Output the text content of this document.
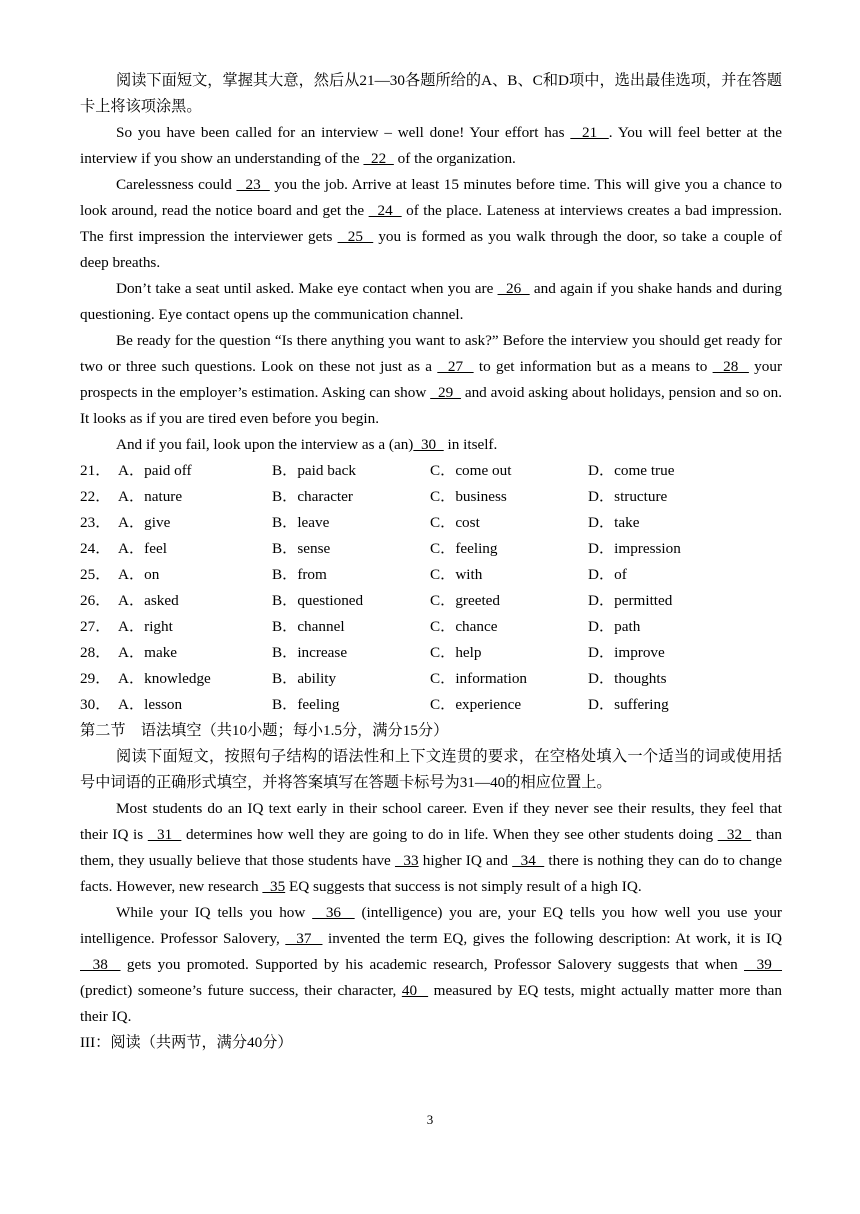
阅读下面短文，掌握其大意，然后从21—30各题所给的A、B、C和D项中，选出最佳选项，并在答题卡上将该项涂黑。

So you have been called for an interview – well done! Your effort has   21  . You will feel better at the interview if you show an understanding of the   22   of the organization.

Carelessness could   23   you the job. Arrive at least 15 minutes before time. This will give you a chance to look around, read the notice board and get the   24   of the place. Lateness at interviews creates a bad impression. The first impression the interviewer gets   25   you is formed as you walk through the door, so take a couple of deep breaths.

Don’t take a seat until asked. Make eye contact when you are   26   and again if you shake hands and during questioning. Eye contact opens up the communication channel.

Be ready for the question “Is there anything you want to ask?” Before the interview you should get ready for two or three such questions. Look on these not just as a   27   to get information but as a means to   28   your prospects in the employer’s estimation. Asking can show   29   and avoid asking about holidays, pension and so on. It looks as if you are tired even before you begin.

And if you fail, look upon the interview as a (an)  30   in itself.

21． A．paid off	B．paid back	C．come out	D．come true
22． A．nature	B．character	C．business	D．structure
23． A．give	B．leave	C．cost	D．take
24． A．feel	B．sense	C．feeling	D．impression
25． A．on	B．from	C．with	D．of
26． A．asked	B．questioned	C．greeted	D．permitted
27． A．right	B．channel	C．chance	D．path
28． A．make	B．increase	C．help	D．improve
29． A．knowledge	B．ability	C．information	D．thoughts
30． A．lesson	B．feeling	C．experience	D．suffering

第二节　语法填空（共10小题；每小1.5分，满分15分）

阅读下面短文，按照句子结构的语法性和上下文连贯的要求，在空格处填入一个适当的词或使用括号中词语的正确形式填空，并将答案填写在答题卡标号为31—40的相应位置上。

Most students do an IQ text early in their school career. Even if they never see their results, they feel that their IQ is   31   determines how well they are going to do in life. When they see other students doing   32   than them, they usually believe that those students have   33 higher IQ and   34   there is nothing they can do to change facts. However, new research   35 EQ suggests that success is not simply result of a high IQ.

While your IQ tells you how   36   (intelligence) you are, your EQ tells you how well you use your intelligence. Professor Salovery,   37   invented the term EQ, gives the following description: At work, it is IQ   38   gets you promoted. Supported by his academic research, Professor Salovery suggests that when   39   (predict) someone’s future success, their character, 40   measured by EQ tests, might actually matter more than their IQ.

III：阅读（共两节，满分40分）

3
